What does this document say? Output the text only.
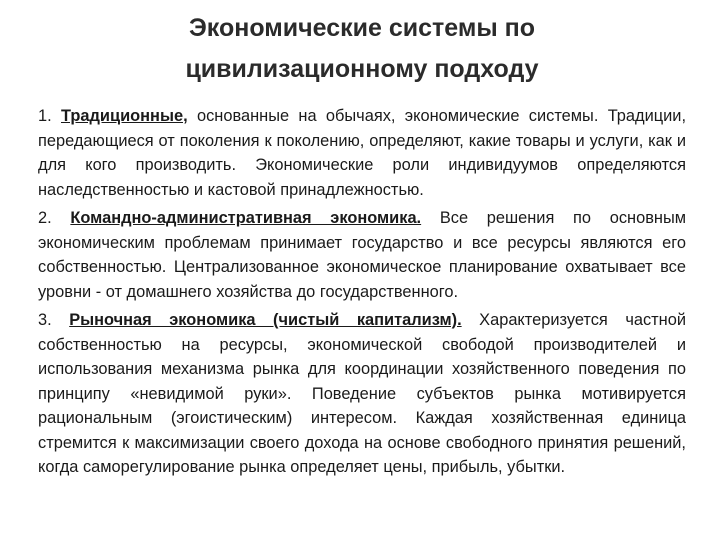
Экономические системы по
цивилизационному подходу

1. Традиционные, основанные на обычаях, экономические системы. Традиции, передающиеся от поколения к поколению, определяют, какие товары и услуги, как и для кого производить. Экономические роли индивидуумов определяются наследственностью и кастовой принадлежностью.

2. Командно-административная экономика. Все решения по основным экономическим проблемам принимает государство и все ресурсы являются его собственностью. Централизованное экономическое планирование охватывает все уровни - от домашнего хозяйства до государственного.

3. Рыночная экономика (чистый капитализм). Характеризуется частной собственностью на ресурсы, экономической свободой производителей и использования механизма рынка для координации хозяйственного поведения по принципу «невидимой руки». Поведение субъектов рынка мотивируется рациональным (эгоистическим) интересом. Каждая хозяйственная единица стремится к максимизации своего дохода на основе свободного принятия решений, когда саморегулирование рынка определяет цены, прибыль, убытки.
